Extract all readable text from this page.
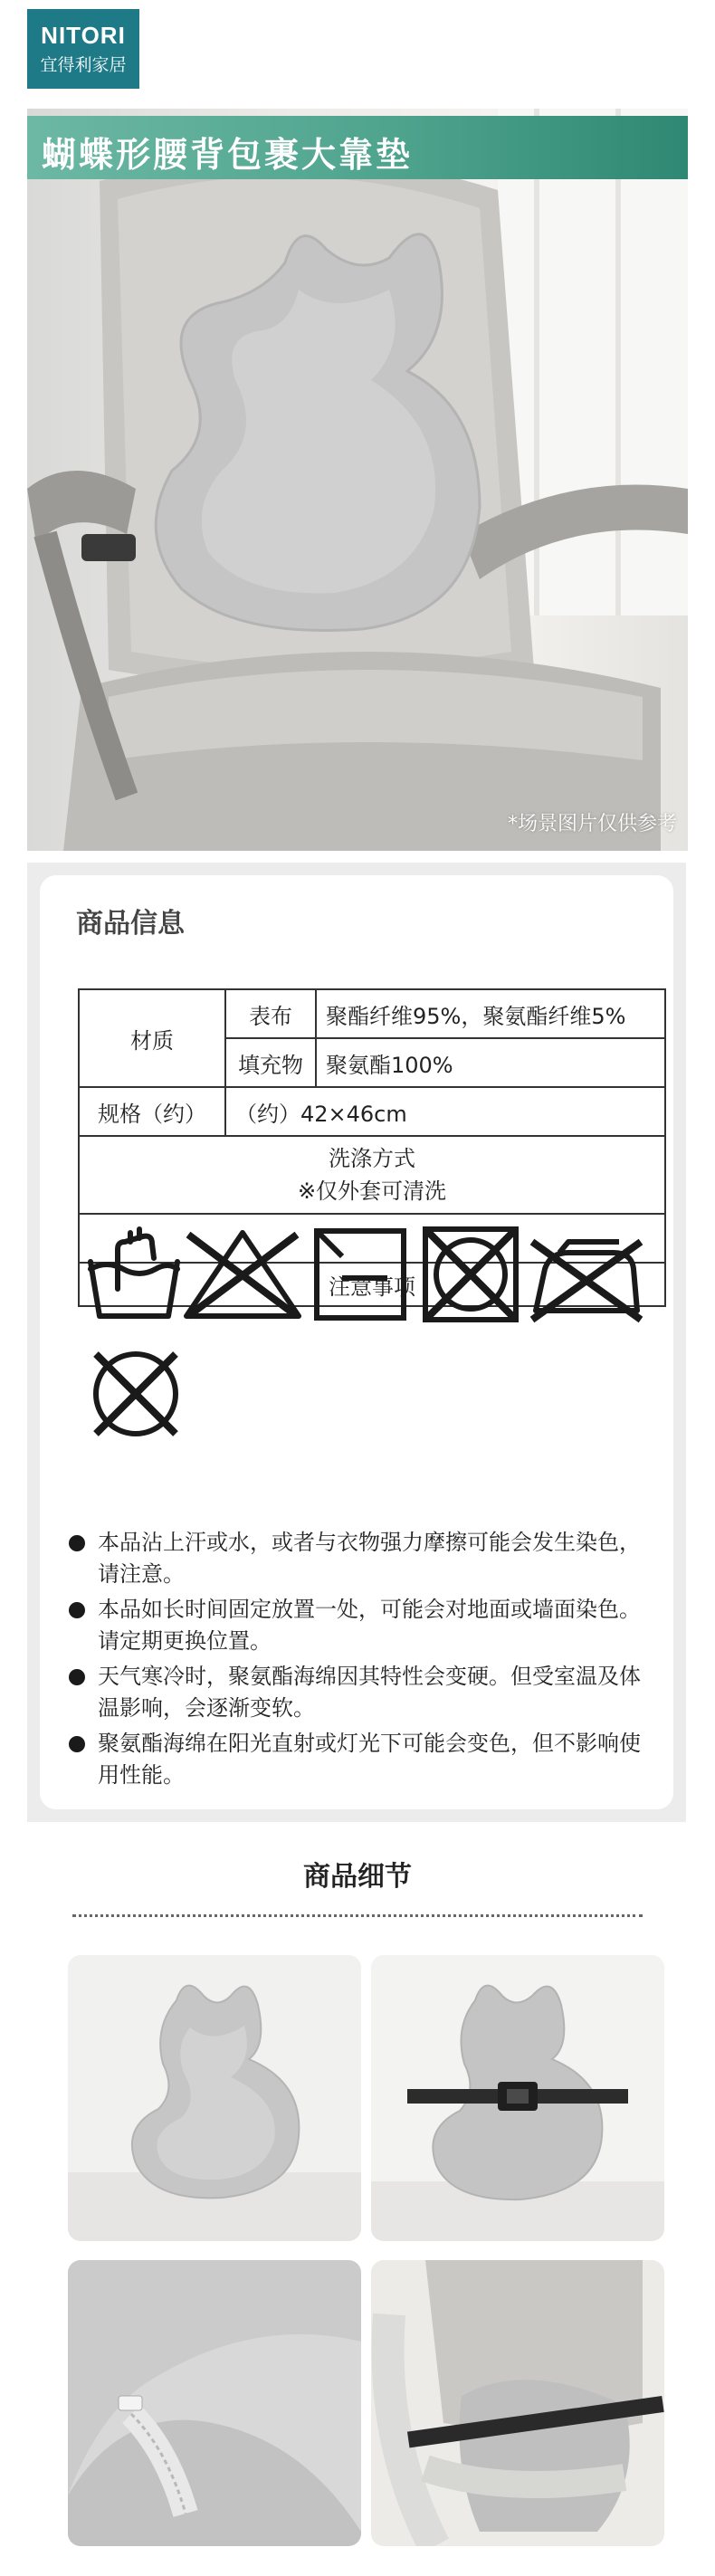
NITORI
宜得利家居
蝴蝶形腰背包裹大靠垫
*场景图片仅供参考
商品信息
材质	表布	聚酯纤维95%，聚氨酯纤维5%
	填充物	聚氨酯100%
规格（约）	（约）42×46cm	

洗涤方式
※仅外套可清洗		

注意事项		
本品沾上汗或水，或者与衣物强力摩擦可能会发生染色，请注意。
本品如长时间固定放置一处，可能会对地面或墙面染色。请定期更换位置。
天气寒冷时，聚氨酯海绵因其特性会变硬。但受室温及体温影响，会逐渐变软。
聚氨酯海绵在阳光直射或灯光下可能会变色，但不影响使用性能。
商品细节
